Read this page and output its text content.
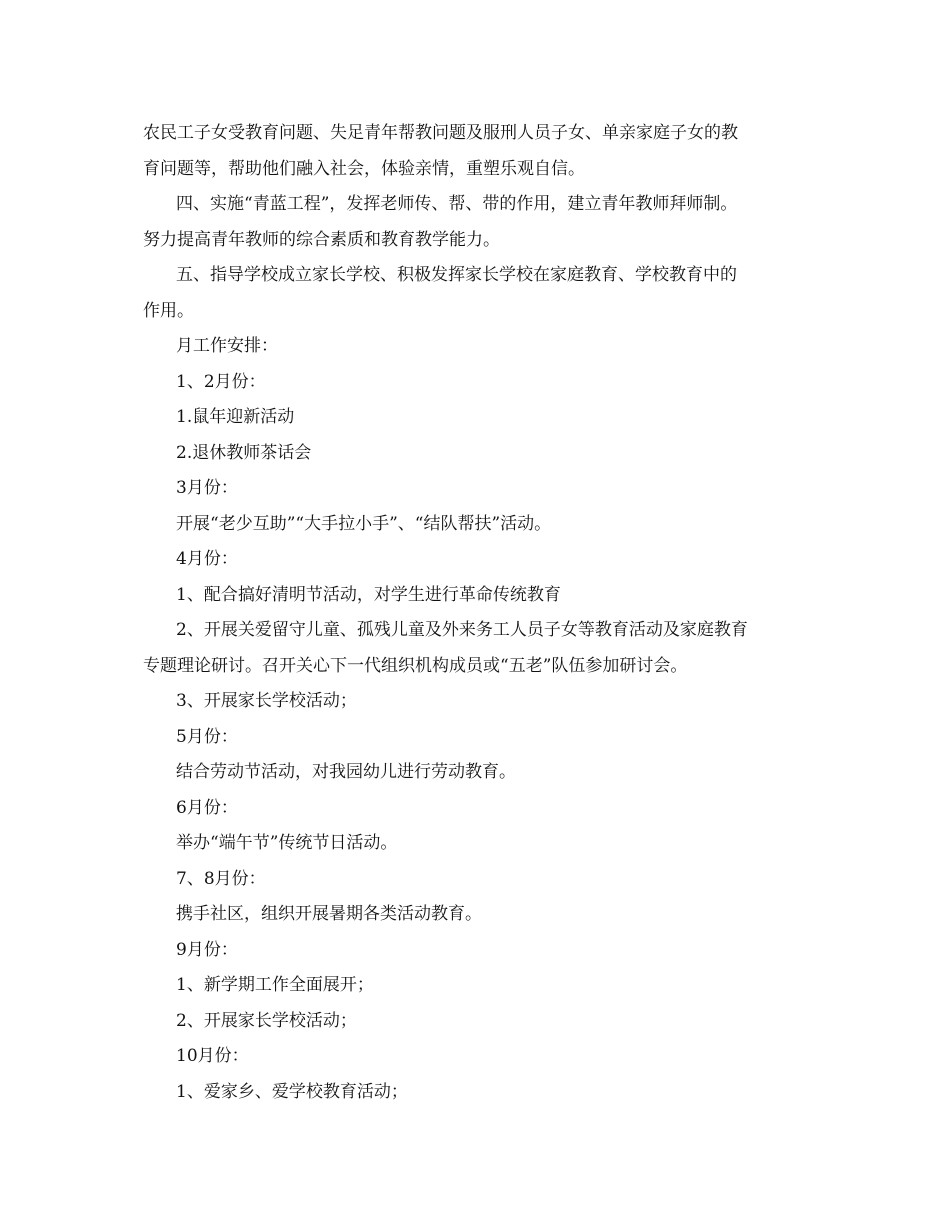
农民工子女受教育问题、失足青年帮教问题及服刑人员子女、单亲家庭子女的教
育问题等，帮助他们融入社会，体验亲情，重塑乐观自信。
四、实施“青蓝工程”，发挥老师传、帮、带的作用，建立青年教师拜师制。
努力提高青年教师的综合素质和教育教学能力。
五、指导学校成立家长学校、积极发挥家长学校在家庭教育、学校教育中的
作用。
月工作安排：
1、2月份：
1.鼠年迎新活动
2.退休教师茶话会
3月份：
开展“老少互助”“大手拉小手”、“结队帮扶”活动。
4月份：
1、配合搞好清明节活动，对学生进行革命传统教育
2、开展关爱留守儿童、孤残儿童及外来务工人员子女等教育活动及家庭教育
专题理论研讨。召开关心下一代组织机构成员或“五老”队伍参加研讨会。
3、开展家长学校活动；
5月份：
结合劳动节活动，对我园幼儿进行劳动教育。
6月份：
举办“端午节”传统节日活动。
7、8月份：
携手社区，组织开展暑期各类活动教育。
9月份：
1、新学期工作全面展开；
2、开展家长学校活动；
10月份：
1、爱家乡、爱学校教育活动；
